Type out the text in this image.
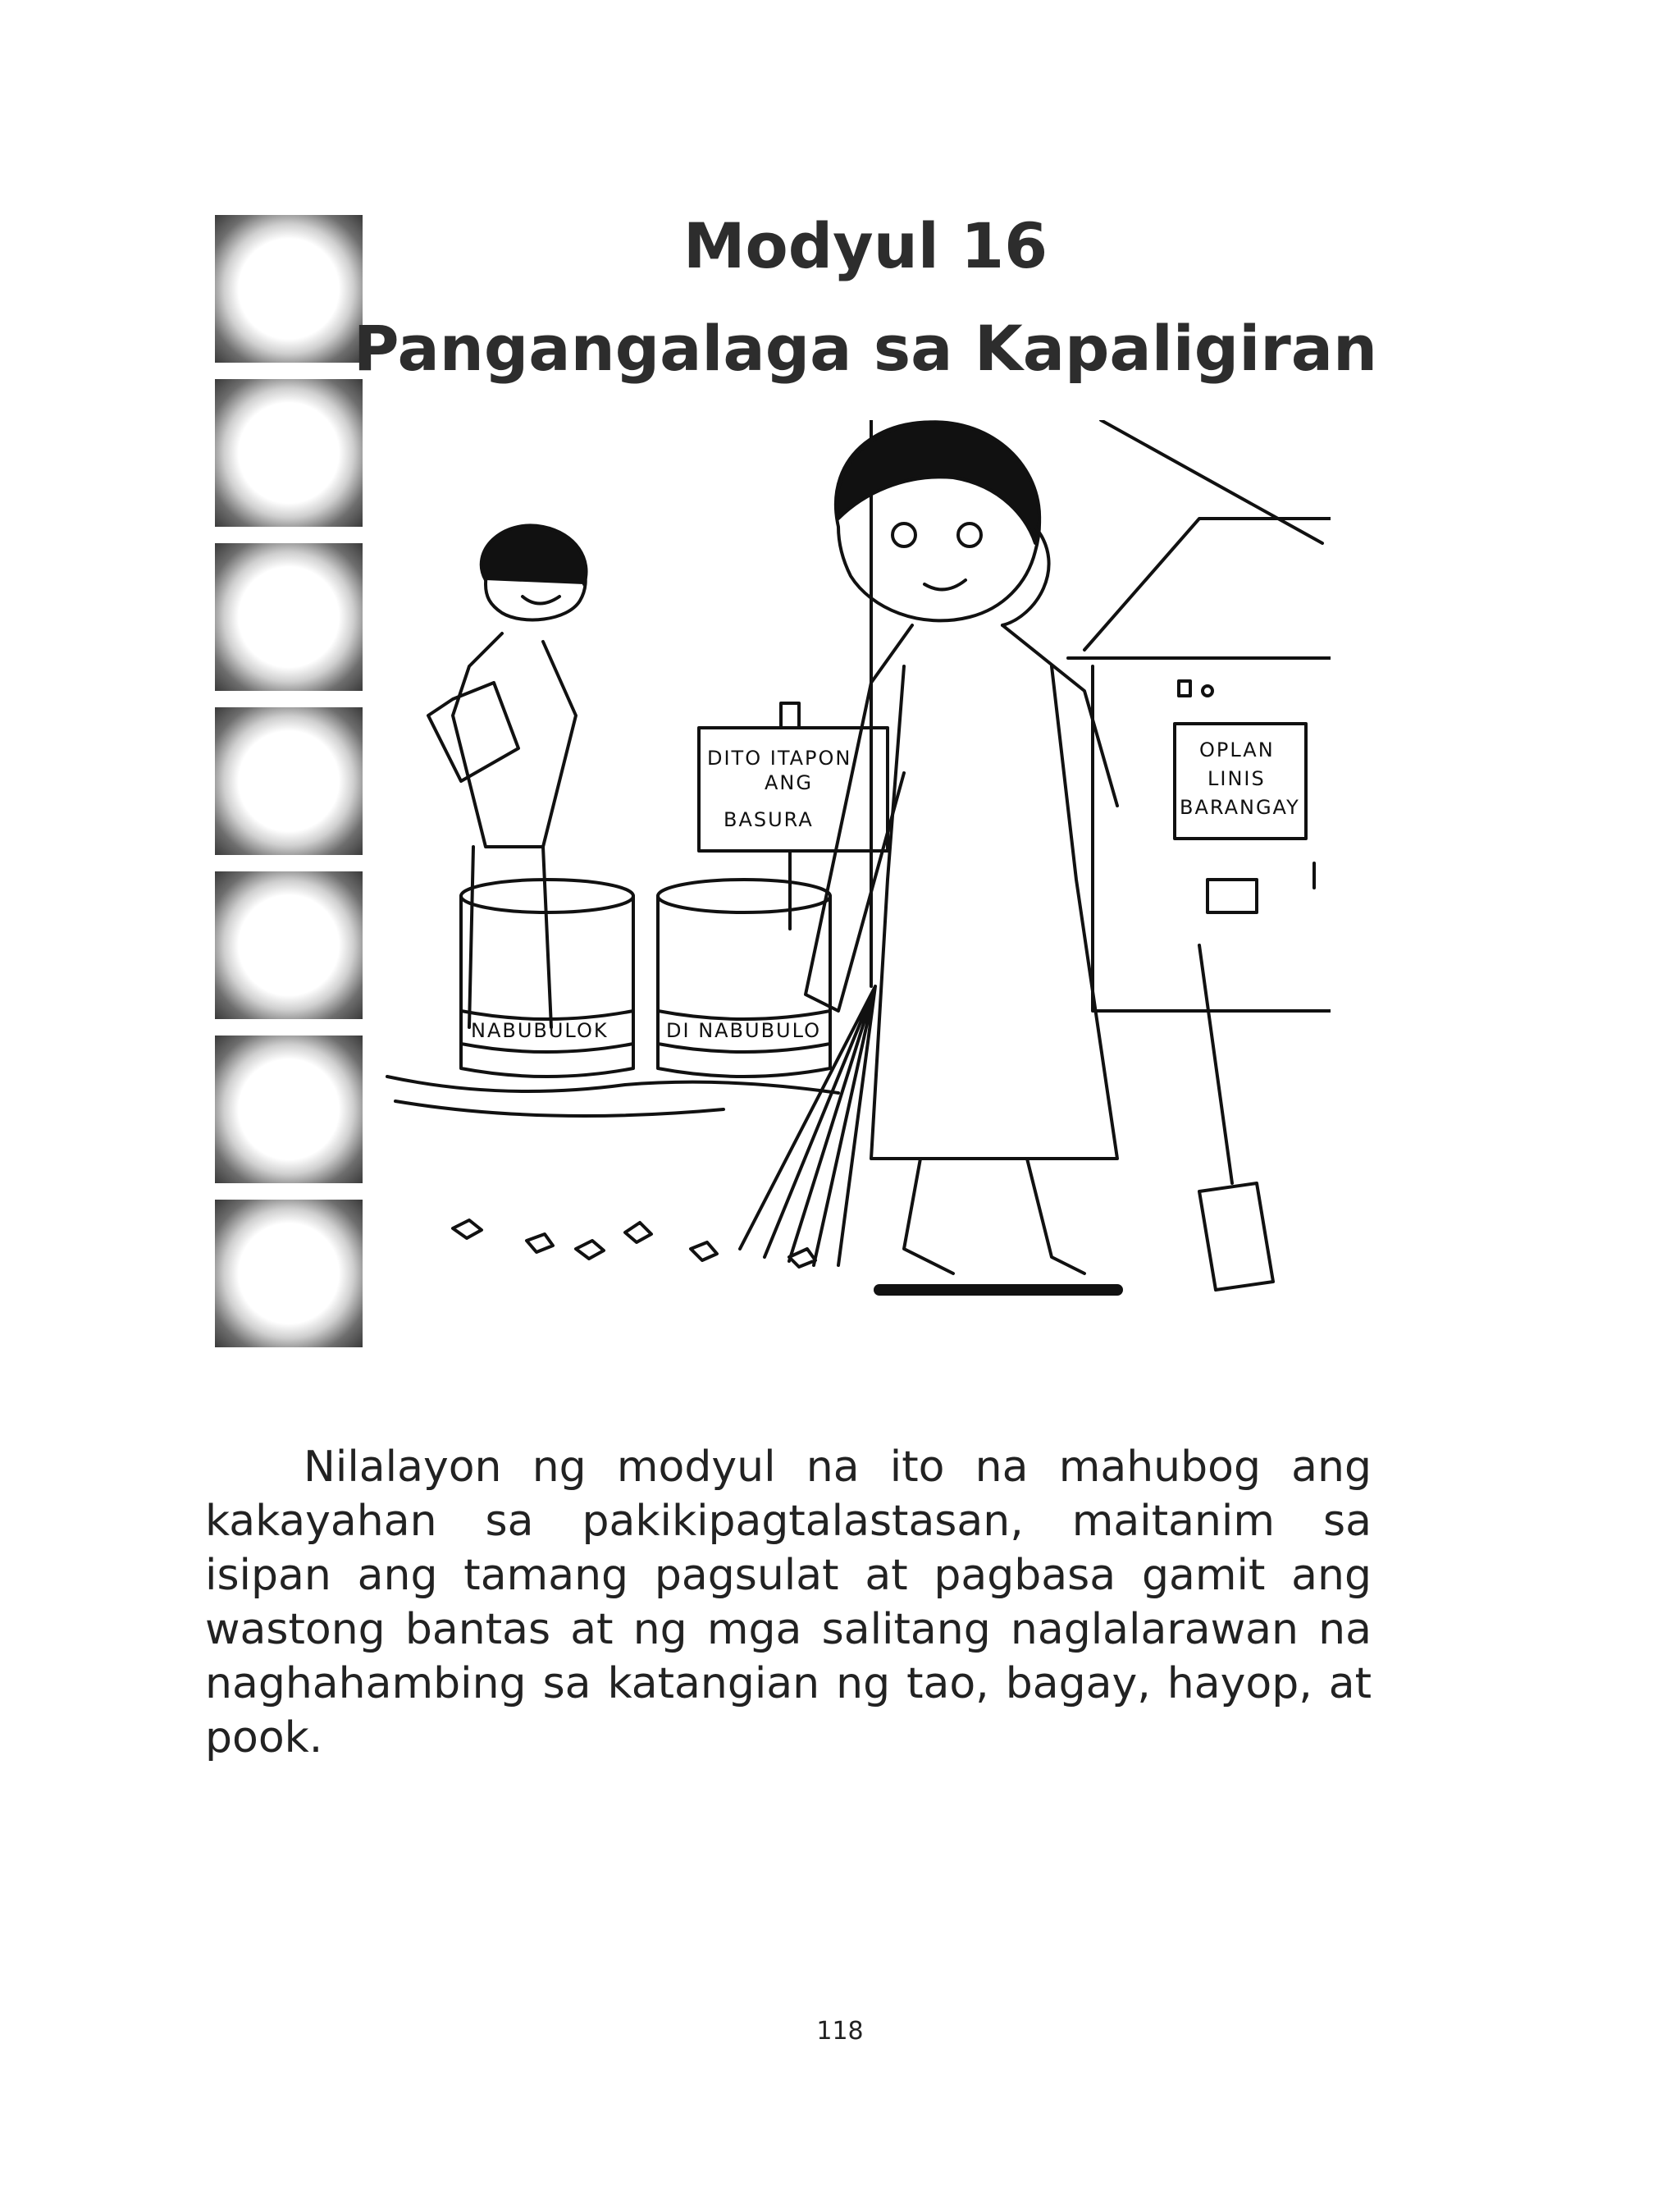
Modyul 16
Pangangalaga sa Kapaligiran
OPLAN
LINIS
BARANGAY
DITO ITAPON
ANG
BASURA
NABUBULOK	DI NABUBULO

Nilalayon ng modyul na ito na mahubog ang kakayahan sa pakikipagtalastasan, maitanim sa isipan ang tamang pagsulat at pagbasa gamit ang wastong bantas at ng mga salitang naglalarawan na naghahambing sa katangian ng tao, bagay, hayop, at pook.

118
